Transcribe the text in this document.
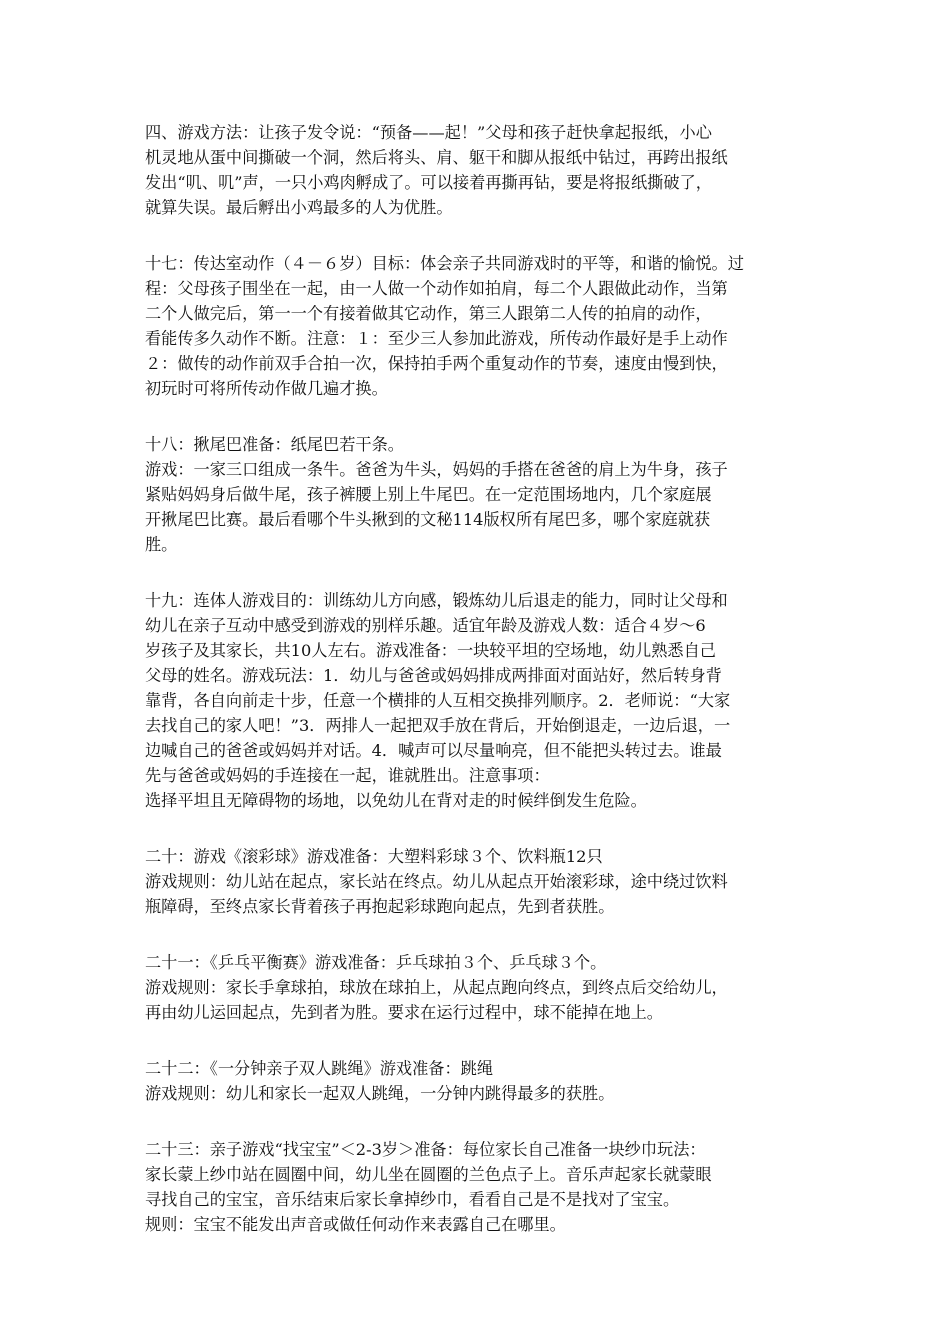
四、游戏方法：让孩子发令说：“预备——起！”父母和孩子赶快拿起报纸，小心
机灵地从蛋中间撕破一个洞，然后将头、肩、躯干和脚从报纸中钻过，再跨出报纸
发出“叽、叽”声，一只小鸡肉孵成了。可以接着再撕再钻，要是将报纸撕破了，
就算失误。最后孵出小鸡最多的人为优胜。
十七：传达室动作（４－６岁）目标：体会亲子共同游戏时的平等，和谐的愉悦。过
程：父母孩子围坐在一起，由一人做一个动作如拍肩，每二个人跟做此动作，当第
二个人做完后，第一一个有接着做其它动作，第三人跟第二人传的拍肩的动作，
看能传多久动作不断。注意：１：至少三人参加此游戏，所传动作最好是手上动作
２：做传的动作前双手合拍一次，保持拍手两个重复动作的节奏，速度由慢到快，
初玩时可将所传动作做几遍才换。
十八：揪尾巴准备：纸尾巴若干条。
游戏：一家三口组成一条牛。爸爸为牛头，妈妈的手搭在爸爸的肩上为牛身，孩子
紧贴妈妈身后做牛尾，孩子裤腰上别上牛尾巴。在一定范围场地内，几个家庭展
开揪尾巴比赛。最后看哪个牛头揪到的文秘114版权所有尾巴多，哪个家庭就获
胜。
十九：连体人游戏目的：训练幼儿方向感，锻炼幼儿后退走的能力，同时让父母和
幼儿在亲子互动中感受到游戏的别样乐趣。适宜年龄及游戏人数：适合４岁～6
岁孩子及其家长，共10人左右。游戏准备：一块较平坦的空场地，幼儿熟悉自己
父母的姓名。游戏玩法：1．幼儿与爸爸或妈妈排成两排面对面站好，然后转身背
靠背，各自向前走十步，任意一个横排的人互相交换排列顺序。2．老师说：“大家
去找自己的家人吧！”3．两排人一起把双手放在背后，开始倒退走，一边后退，一
边喊自己的爸爸或妈妈并对话。4．喊声可以尽量响亮，但不能把头转过去。谁最
先与爸爸或妈妈的手连接在一起，谁就胜出。注意事项：
选择平坦且无障碍物的场地，以免幼儿在背对走的时候绊倒发生危险。
二十：游戏《滚彩球》游戏准备：大塑料彩球３个、饮料瓶12只
游戏规则：幼儿站在起点，家长站在终点。幼儿从起点开始滚彩球，途中绕过饮料
瓶障碍，至终点家长背着孩子再抱起彩球跑向起点，先到者获胜。
二十一：《乒乓平衡赛》游戏准备：乒乓球拍３个、乒乓球３个。
游戏规则：家长手拿球拍，球放在球拍上，从起点跑向终点，到终点后交给幼儿，
再由幼儿运回起点，先到者为胜。要求在运行过程中，球不能掉在地上。
二十二：《一分钟亲子双人跳绳》游戏准备：跳绳
游戏规则：幼儿和家长一起双人跳绳，一分钟内跳得最多的获胜。
二十三：亲子游戏“找宝宝”＜2-3岁＞准备：每位家长自己准备一块纱巾玩法：
家长蒙上纱巾站在圆圈中间，幼儿坐在圆圈的兰色点子上。音乐声起家长就蒙眼
寻找自己的宝宝，音乐结束后家长拿掉纱巾，看看自己是不是找对了宝宝。
规则：宝宝不能发出声音或做任何动作来表露自己在哪里。
